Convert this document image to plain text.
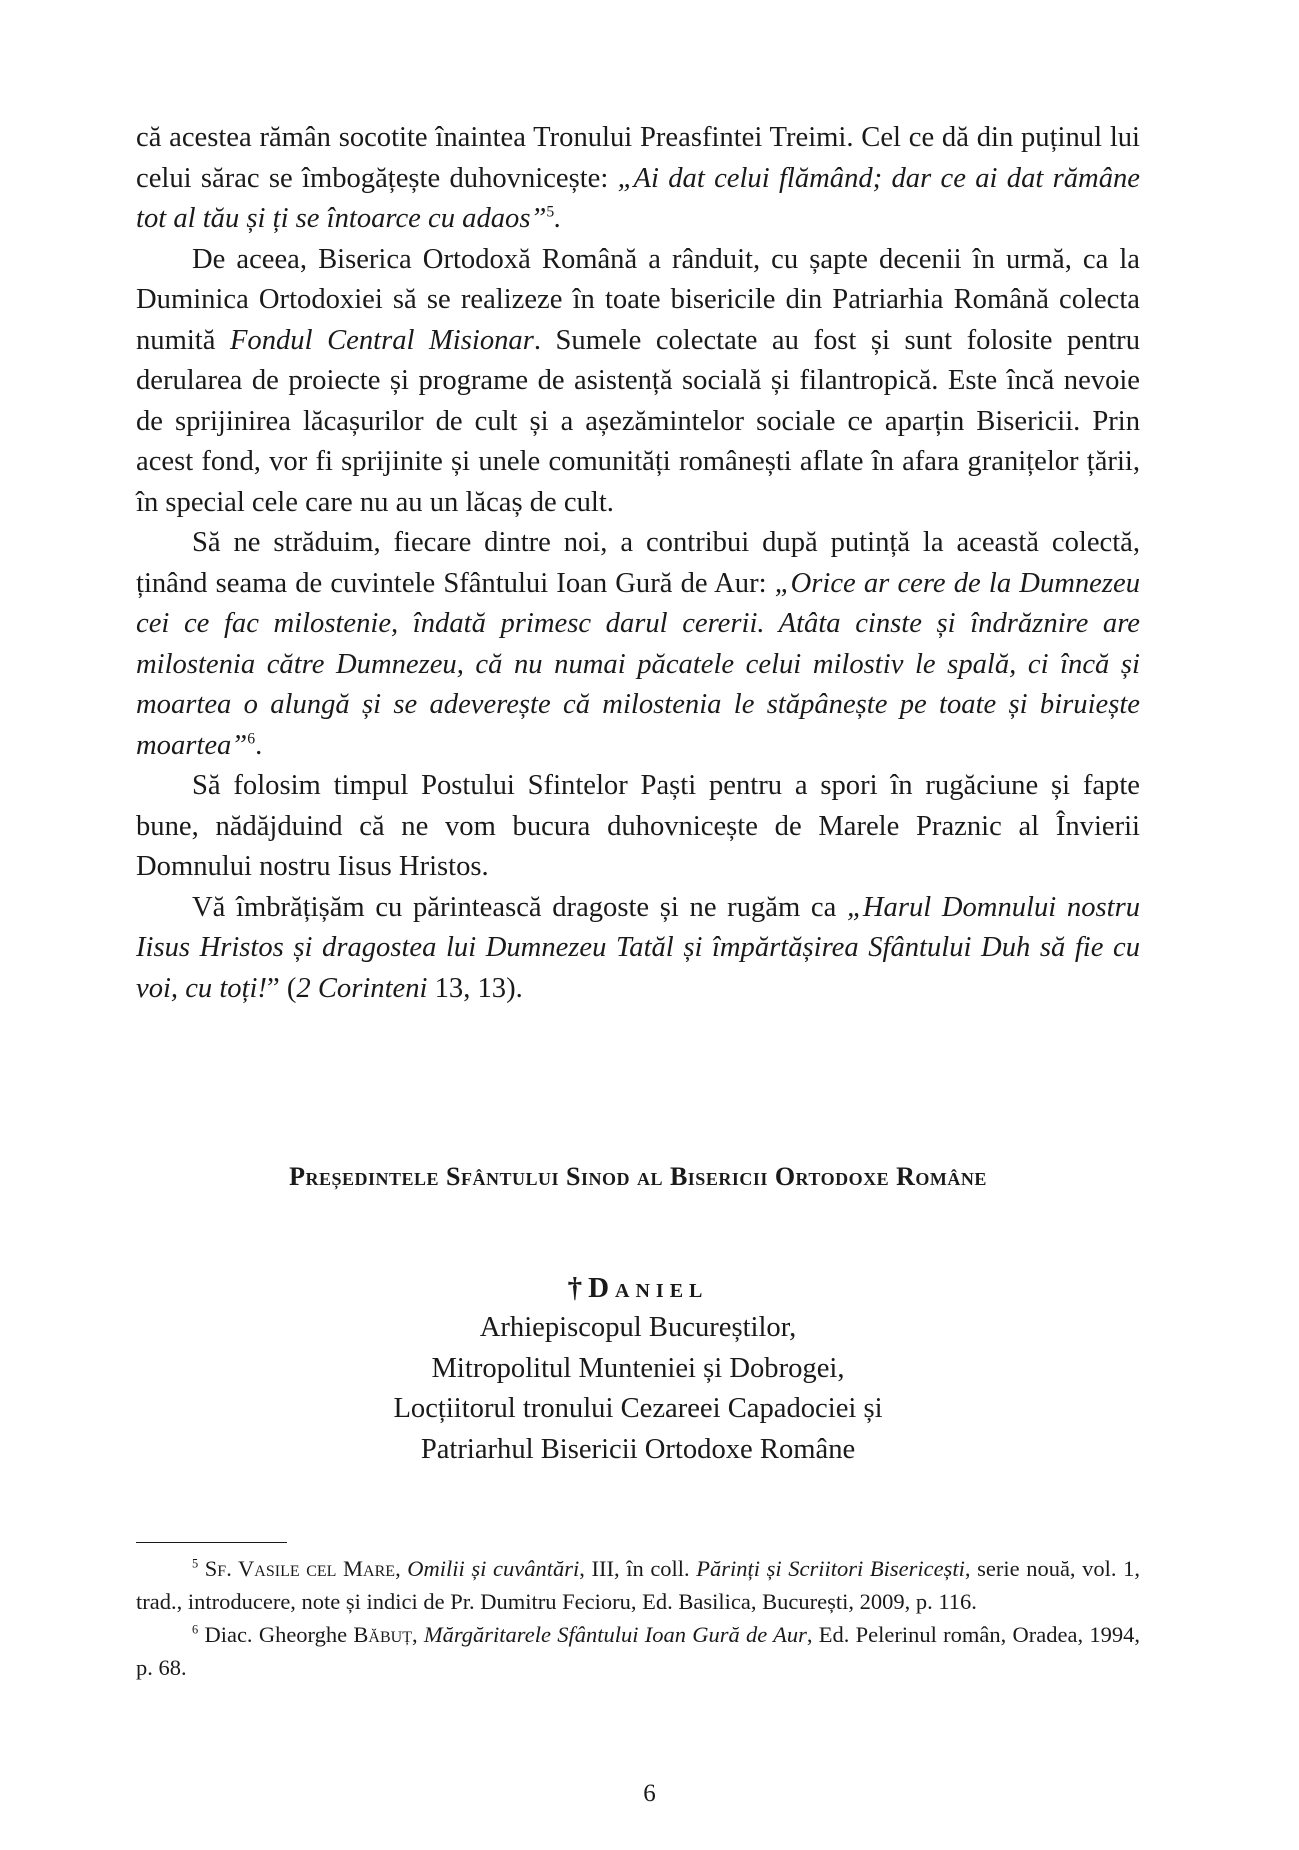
că acestea rămân socotite înaintea Tronului Preasfintei Treimi. Cel ce dă din puținul lui celui sărac se îmbogățește duhovnicește: „Ai dat celui flămând; dar ce ai dat rămâne tot al tău și ți se întoarce cu adaos”$^5$.

De aceea, Biserica Ortodoxă Română a rânduit, cu șapte decenii în urmă, ca la Duminica Ortodoxiei să se realizeze în toate bisericile din Patriarhia Română colecta numită Fondul Central Misionar. Sumele colectate au fost și sunt folosite pentru derularea de proiecte și programe de asistență socială și filantropică. Este încă nevoie de sprijinirea lăcașurilor de cult și a așezămintelor sociale ce aparțin Bisericii. Prin acest fond, vor fi sprijinite și unele comunități românești aflate în afara granițelor țării, în special cele care nu au un lăcaș de cult.

Să ne străduim, fiecare dintre noi, a contribui după putință la această colectă, ținând seama de cuvintele Sfântului Ioan Gură de Aur: „Orice ar cere de la Dumnezeu cei ce fac milostenie, îndată primesc darul cererii. Atâta cinste și îndrăznire are milostenia către Dumnezeu, că nu numai păcatele celui milostiv le spală, ci încă și moartea o alungă și se adeverește că milostenia le stăpânește pe toate și biruiește moartea”$^6$.

Să folosim timpul Postului Sfintelor Paști pentru a spori în rugăciune și fapte bune, nădăjduind că ne vom bucura duhovnicește de Marele Praznic al Învierii Domnului nostru Iisus Hristos.

Vă îmbrățișăm cu părintească dragoste și ne rugăm ca „Harul Domnului nostru Iisus Hristos și dragostea lui Dumnezeu Tatăl și împărtășirea Sfântului Duh să fie cu voi, cu toți!” (2 Corinteni 13, 13).

Președintele Sfântului Sinod al Bisericii Ortodoxe Române
†Daniel
Arhiepiscopul Bucureștilor,
Mitropolitul Munteniei și Dobrogei,
Locțiitorul tronului Cezareei Capadociei și
Patriarhul Bisericii Ortodoxe Române

$^5$ Sf. Vasile cel Mare, Omilii și cuvântări, III, în coll. Părinți și Scriitori Bisericești, serie nouă, vol. 1, trad., introducere, note și indici de Pr. Dumitru Fecioru, Ed. Basilica, București, 2009, p. 116.

$^6$ Diac. Gheorghe Băbuț, Mărgăritarele Sfântului Ioan Gură de Aur, Ed. Pelerinul român, Oradea, 1994, p. 68.

6
